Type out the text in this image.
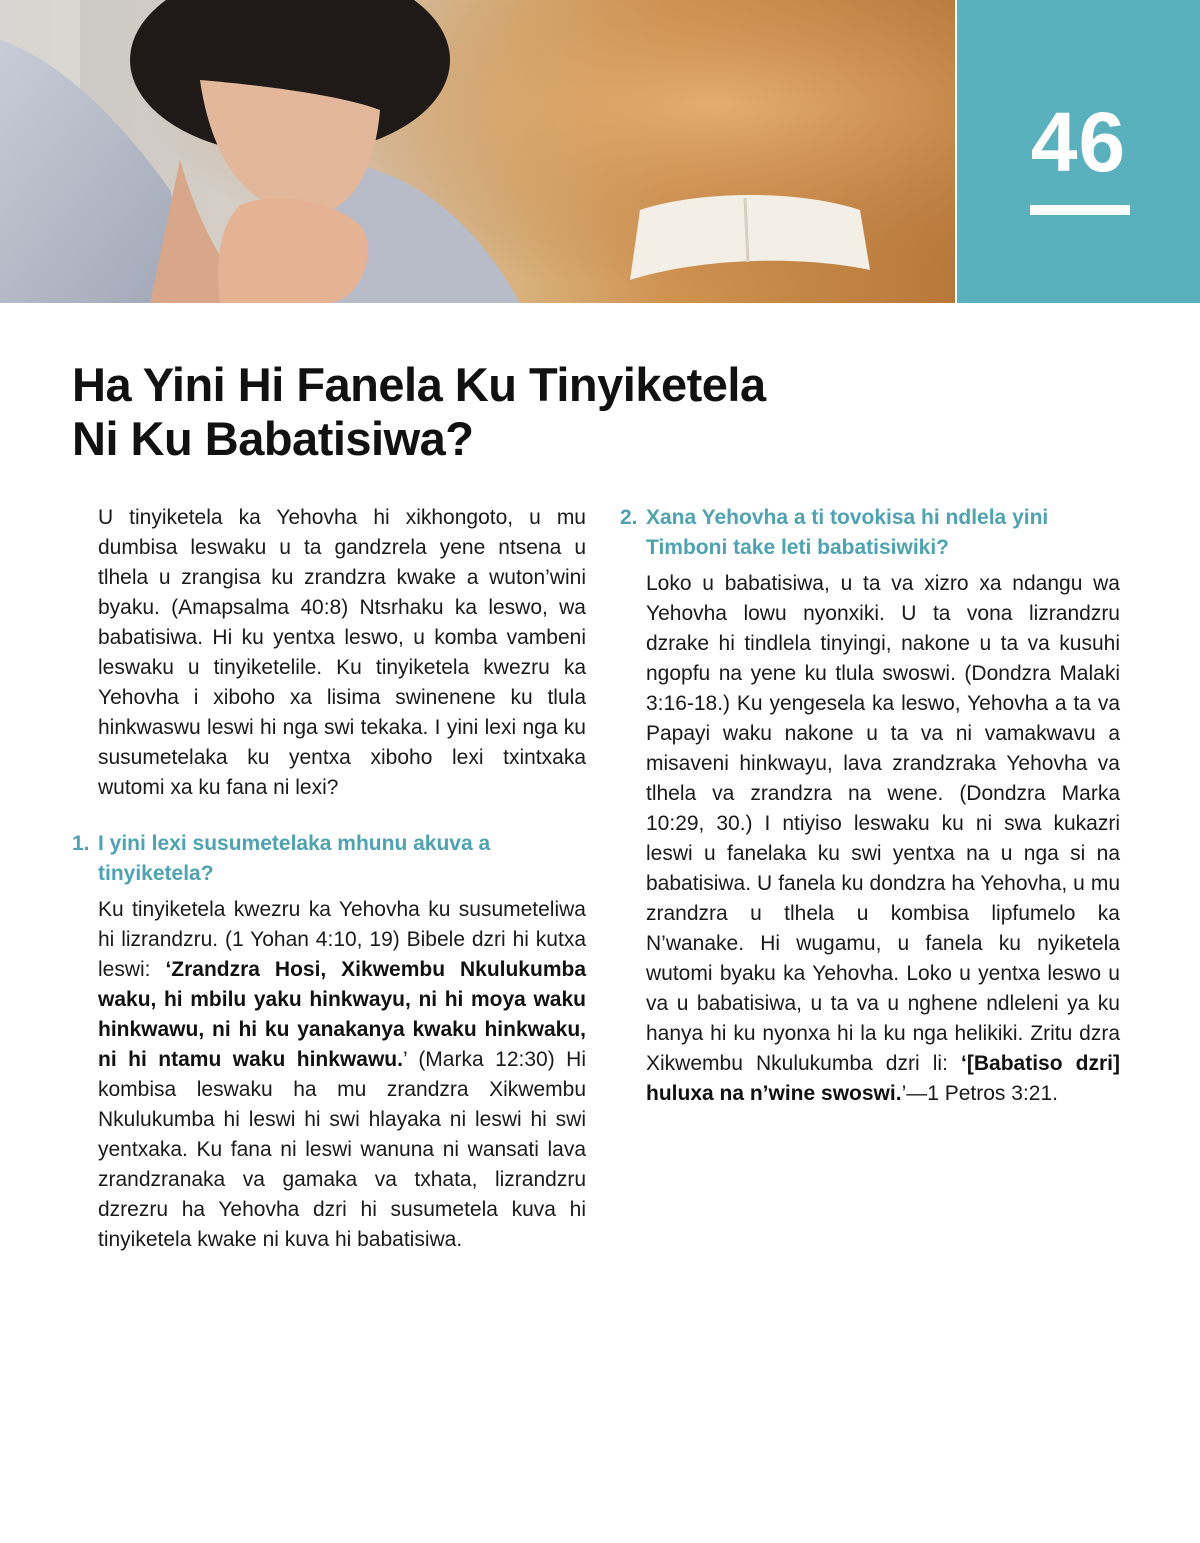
46
Ha Yini Hi Fanela Ku Tinyiketela
Ni Ku Babatisiwa?

U tinyiketela ka Yehovha hi xikhongoto, u mu dumbisa leswaku u ta gandzrela yene ntsena u tlhela u zrangisa ku zrandzra kwake a wuton’wini byaku. (Amapsalma 40:8) Ntsrhaku ka leswo, wa babatisiwa. Hi ku yentxa leswo, u komba vambeni leswaku u tinyiketelile. Ku tinyiketela kwezru ka Yehovha i xiboho xa lisima swinenene ku tlula hinkwaswu leswi hi nga swi tekaka. I yini lexi nga ku susumetelaka ku yentxa xiboho lexi txintxaka wutomi xa ku fana ni lexi?

1. I yini lexi susumetelaka mhunu akuva a tinyiketela?

Ku tinyiketela kwezru ka Yehovha ku susumeteliwa hi lizrandzru. (1 Yohan 4:10, 19) Bibele dzri hi kutxa leswi: ‘Zrandzra Hosi, Xikwembu Nkulukumba waku, hi mbilu yaku hinkwayu, ni hi moya waku hinkwawu, ni hi ku yanakanya kwaku hinkwaku, ni hi ntamu waku hinkwawu.’ (Marka 12:30) Hi kombisa leswaku ha mu zrandzra Xikwembu Nkulukumba hi leswi hi swi hlayaka ni leswi hi swi yentxaka. Ku fana ni leswi wanuna ni wansati lava zrandzranaka va gamaka va txhata, lizrandzru dzrezru ha Yehovha dzri hi susumetela kuva hi tinyiketela kwake ni kuva hi babatisiwa.

2. Xana Yehovha a ti tovokisa hi ndlela yini Timboni take leti babatisiwiki?

Loko u babatisiwa, u ta va xizro xa ndangu wa Yehovha lowu nyonxiki. U ta vona lizrandzru dzrake hi tindlela tinyingi, nakone u ta va kusuhi ngopfu na yene ku tlula swoswi. (Dondzra Malaki 3:16-18.) Ku yengesela ka leswo, Yehovha a ta va Papayi waku nakone u ta va ni vamakwavu a misaveni hinkwayu, lava zrandzraka Yehovha va tlhela va zrandzra na wene. (Dondzra Marka 10:29, 30.) I ntiyiso leswaku ku ni swa kukazri leswi u fanelaka ku swi yentxa na u nga si na babatisiwa. U fanela ku dondzra ha Yehovha, u mu zrandzra u tlhela u kombisa lipfumelo ka N’wanake. Hi wugamu, u fanela ku nyiketela wutomi byaku ka Yehovha. Loko u yentxa leswo u va u babatisiwa, u ta va u nghene ndleleni ya ku hanya hi ku nyonxa hi la ku nga helikiki. Zritu dzra Xikwembu Nkulukumba dzri li: ‘[Babatiso dzri] huluxa na n’wine swoswi.’—1 Petros 3:21.
